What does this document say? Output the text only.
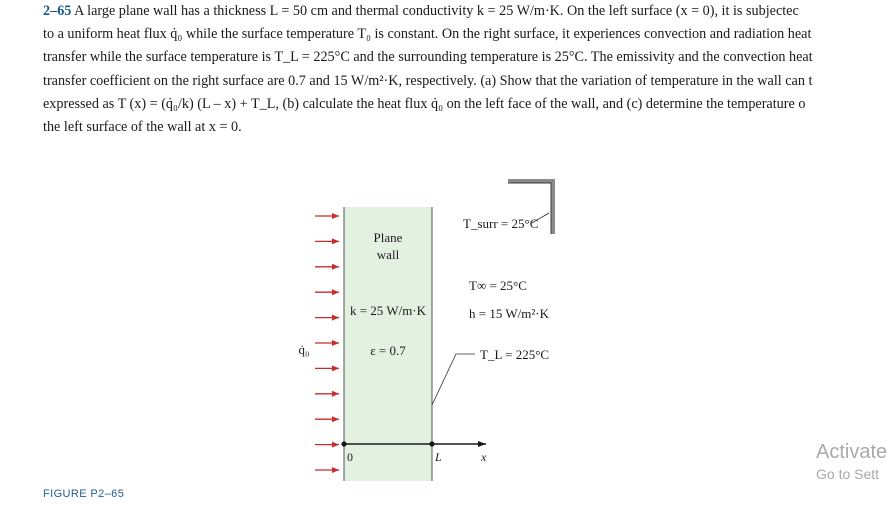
2–65 A large plane wall has a thickness L = 50 cm and thermal conductivity k = 25 W/m·K. On the left surface (x = 0), it is subjectec
to a uniform heat flux q̇₀ while the surface temperature T₀ is constant. On the right surface, it experiences convection and radiation heat
transfer while the surface temperature is T_L = 225°C and the surrounding temperature is 25°C. The emissivity and the convection heat
transfer coefficient on the right surface are 0.7 and 15 W/m²·K, respectively. (a) Show that the variation of temperature in the wall can t
expressed as T (x) = (q̇₀/k) (L – x) + T_L, (b) calculate the heat flux q̇₀ on the left face of the wall, and (c) determine the temperature o
the left surface of the wall at x = 0.
Plane
wall
k = 25 W/m·K
ε = 0.7
q̇₀
T_surr = 25°C
T∞ = 25°C
h = 15 W/m²·K
T_L = 225°C
0	L	x
FIGURE P2–65
Activate
Go to Sett
